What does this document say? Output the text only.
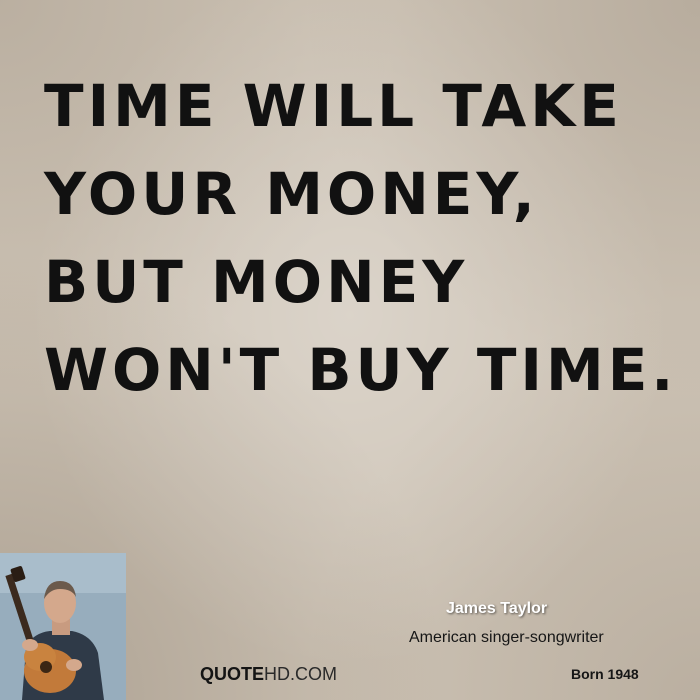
TIME WILL TAKE
YOUR MONEY,
BUT MONEY
WON'T BUY TIME.
James Taylor
American singer-songwriter
Born 1948
QUOTEHD.COM
